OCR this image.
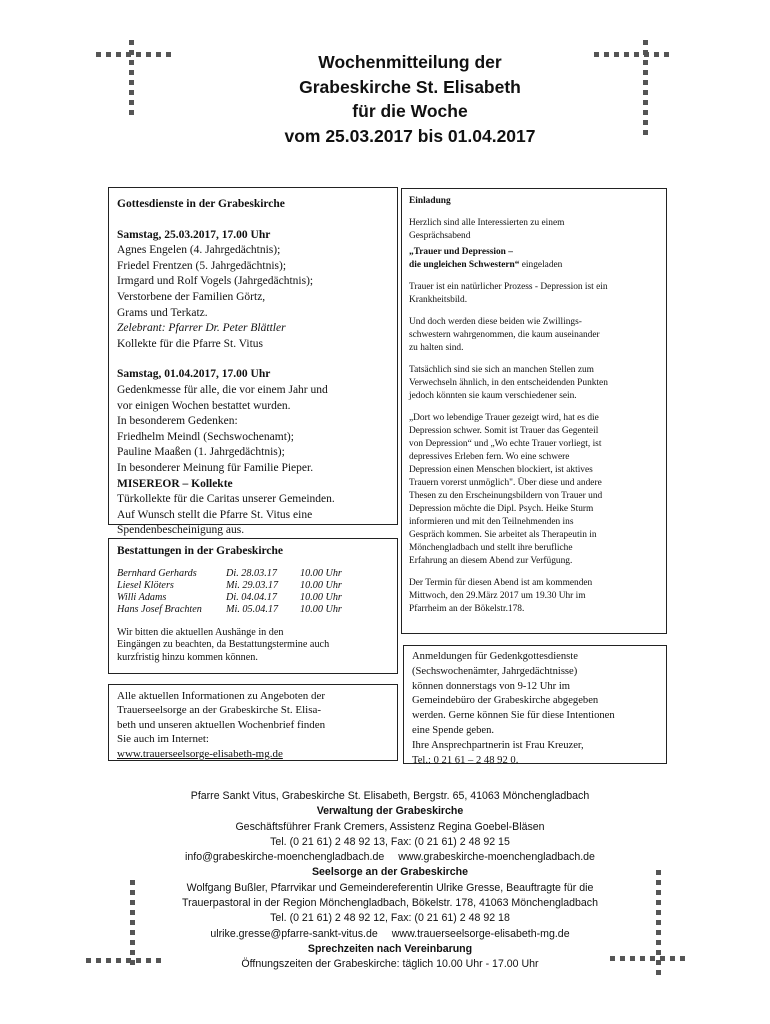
Wochenmitteilung der
Grabeskirche St. Elisabeth
für die Woche
vom 25.03.2017 bis 01.04.2017
Gottesdienste in der Grabeskirche
Samstag, 25.03.2017, 17.00 Uhr
Agnes Engelen (4. Jahrgedächtnis);
Friedel Frentzen (5. Jahrgedächtnis);
Irmgard und Rolf Vogels (Jahrgedächtnis);
Verstorbene der Familien Görtz,
Grams und Terkatz.
Zelebrant: Pfarrer Dr. Peter Blättler
Kollekte für die Pfarre St. Vitus
Samstag, 01.04.2017, 17.00 Uhr
Gedenkmesse für alle, die vor einem Jahr und
vor einigen Wochen bestattet wurden.
In besonderem Gedenken:
Friedhelm Meindl (Sechswochenamt);
Pauline Maaßen (1. Jahrgedächtnis);
In besonderer Meinung für Familie Pieper.
MISEREOR – Kollekte
Türkollekte für die Caritas unserer Gemeinden.
Auf Wunsch stellt die Pfarre St. Vitus eine
Spendenbescheinigung aus.
Einladung
Herzlich sind alle Interessierten zu einem
Gesprächsabend
„Trauer und Depression –
die ungleichen Schwestern“ eingeladen
Trauer ist ein natürlicher Prozess - Depression ist ein
Krankheitsbild.
Und doch werden diese beiden wie Zwillings-
schwestern wahrgenommen, die kaum auseinander
zu halten sind.
Tatsächlich sind sie sich an manchen Stellen zum
Verwechseln ähnlich, in den entscheidenden Punkten
jedoch könnten sie kaum verschiedener sein.
„Dort wo lebendige Trauer gezeigt wird, hat es die
Depression schwer. Somit ist Trauer das Gegenteil
von Depression“ und „Wo echte Trauer vorliegt, ist
depressives Erleben fern. Wo eine schwere
Depression einen Menschen blockiert, ist aktives
Trauern vorerst unmöglich". Über diese und andere
Thesen zu den Erscheinungsbildern von Trauer und
Depression möchte die Dipl. Psych. Heike Sturm
informieren und mit den Teilnehmenden ins
Gespräch kommen. Sie arbeitet als Therapeutin in
Mönchengladbach und stellt ihre berufliche
Erfahrung an diesem Abend zur Verfügung.
Der Termin für diesen Abend ist am kommenden
Mittwoch, den 29.März 2017 um 19.30 Uhr im
Pfarrheim an der Bökelstr.178.
Bestattungen in der Grabeskirche
Bernhard Gerhards	Di. 28.03.17	10.00 Uhr
Liesel Klöters	Mi. 29.03.17	10.00 Uhr
Willi Adams	Di. 04.04.17	10.00 Uhr
Hans Josef Brachten	Mi. 05.04.17	10.00 Uhr
Wir bitten die aktuellen Aushänge in den
Eingängen zu beachten, da Bestattungstermine auch
kurzfristig hinzu kommen können.
Alle aktuellen Informationen zu Angeboten der
Trauerseelsorge an der Grabeskirche St. Elisa-
beth und unseren aktuellen Wochenbrief finden
Sie auch im Internet:
www.trauerseelsorge-elisabeth-mg.de
Anmeldungen für Gedenkgottesdienste
(Sechswochenämter, Jahrgedächtnisse)
können donnerstags von 9-12 Uhr im
Gemeindebüro der Grabeskirche abgegeben
werden. Gerne können Sie für diese Intentionen
eine Spende geben.
Ihre Ansprechpartnerin ist Frau Kreuzer,
Tel.: 0 21 61 – 2 48 92 0.
Pfarre Sankt Vitus, Grabeskirche St. Elisabeth, Bergstr. 65, 41063 Mönchengladbach
Verwaltung der Grabeskirche
Geschäftsführer Frank Cremers, Assistenz Regina Goebel-Bläsen
Tel. (0 21 61) 2 48 92 13, Fax: (0 21 61) 2 48 92 15
info@grabeskirche-moenchengladbach.de www.grabeskirche-moenchengladbach.de
Seelsorge an der Grabeskirche
Wolfgang Bußler, Pfarrvikar und Gemeindereferentin Ulrike Gresse, Beauftragte für die
Trauerpastoral in der Region Mönchengladbach, Bökelstr. 178, 41063 Mönchengladbach
Tel. (0 21 61) 2 48 92 12, Fax: (0 21 61) 2 48 92 18
ulrike.gresse@pfarre-sankt-vitus.de www.trauerseelsorge-elisabeth-mg.de
Sprechzeiten nach Vereinbarung
Öffnungszeiten der Grabeskirche: täglich 10.00 Uhr - 17.00 Uhr
